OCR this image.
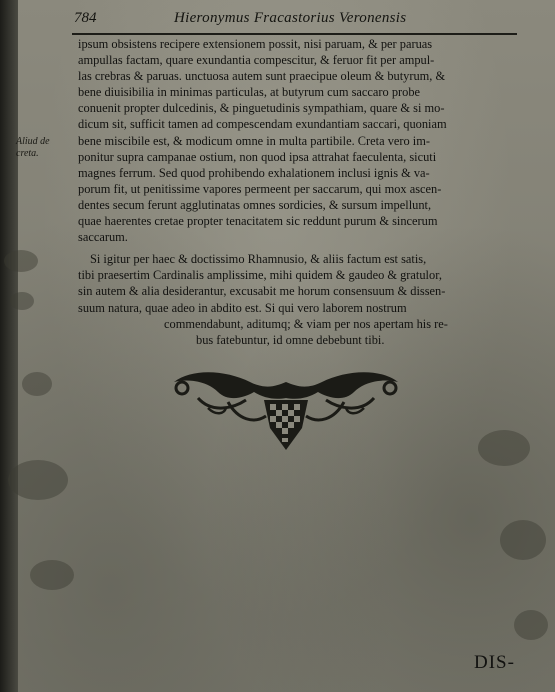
784	Hieronymus Fracastorius Veronensis
Aliud de
creta.
ipsum obsistens recipere extensionem possit, nisi paruam, & per paruas
ampullas factam, quare exundantia compescitur, & feruor fit per ampul-
las crebras & paruas. unctuosa autem sunt praecipue oleum & butyrum, &
bene diuisibilia in minimas particulas, at butyrum cum saccaro probe
conuenit propter dulcedinis, & pinguetudinis sympathiam, quare & si mo-
dicum sit, sufficit tamen ad compescendam exundantiam saccari, quoniam
bene miscibile est, & modicum omne in multa partibile. Creta vero im-
ponitur supra campanae ostium, non quod ipsa attrahat faeculenta, sicuti
magnes ferrum. Sed quod prohibendo exhalationem inclusi ignis & va-
porum fit, ut penitissime vapores permeent per saccarum, qui mox ascen-
dentes secum ferunt agglutinatas omnes sordicies, & sursum impellunt,
quae haerentes cretae propter tenacitatem sic reddunt purum & sincerum
saccarum.
Si igitur per haec & doctissimo Rhamnusio, & aliis factum est satis,
tibi praesertim Cardinalis amplissime, mihi quidem & gaudeo & gratulor,
sin autem & alia desiderantur, excusabit me horum consensuum & dissen-
suum natura, quae adeo in abdito est. Si qui vero laborem nostrum
commendabunt, aditumq; & viam per nos apertam his re-
bus fatebuntur, id omne debebunt tibi.
DIS-
